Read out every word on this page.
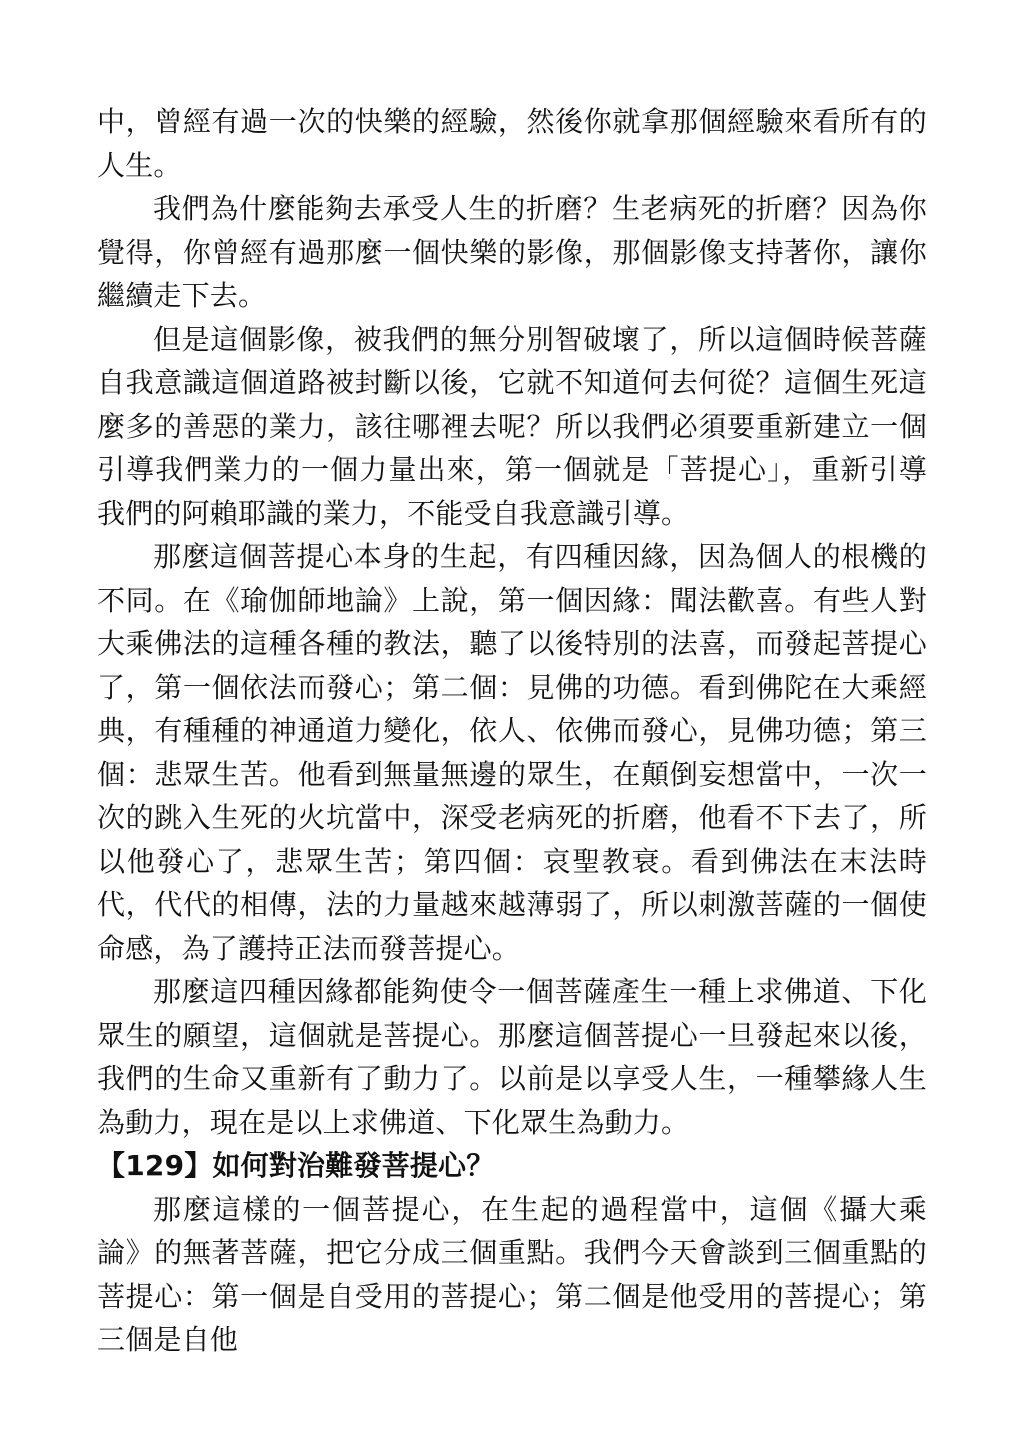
中，曾經有過一次的快樂的經驗，然後你就拿那個經驗來看所有的人生。

我們為什麼能夠去承受人生的折磨？生老病死的折磨？因為你覺得，你曾經有過那麼一個快樂的影像，那個影像支持著你，讓你繼續走下去。

但是這個影像，被我們的無分別智破壞了，所以這個時候菩薩自我意識這個道路被封斷以後，它就不知道何去何從？這個生死這麼多的善惡的業力，該往哪裡去呢？所以我們必須要重新建立一個引導我們業力的一個力量出來，第一個就是「菩提心」，重新引導我們的阿賴耶識的業力，不能受自我意識引導。

那麼這個菩提心本身的生起，有四種因緣，因為個人的根機的不同。在《瑜伽師地論》上說，第一個因緣：聞法歡喜。有些人對大乘佛法的這種各種的教法，聽了以後特別的法喜，而發起菩提心了，第一個依法而發心；第二個：見佛的功德。看到佛陀在大乘經典，有種種的神通道力變化，依人、依佛而發心，見佛功德；第三個：悲眾生苦。他看到無量無邊的眾生，在顛倒妄想當中，一次一次的跳入生死的火坑當中，深受老病死的折磨，他看不下去了，所以他發心了，悲眾生苦；第四個：哀聖教衰。看到佛法在末法時代，代代的相傳，法的力量越來越薄弱了，所以刺激菩薩的一個使命感，為了護持正法而發菩提心。

那麼這四種因緣都能夠使令一個菩薩產生一種上求佛道、下化眾生的願望，這個就是菩提心。那麼這個菩提心一旦發起來以後，我們的生命又重新有了動力了。以前是以享受人生，一種攀緣人生為動力，現在是以上求佛道、下化眾生為動力。

【129】如何對治難發菩提心？

那麼這樣的一個菩提心，在生起的過程當中，這個《攝大乘論》的無著菩薩，把它分成三個重點。我們今天會談到三個重點的菩提心：第一個是自受用的菩提心；第二個是他受用的菩提心；第三個是自他
